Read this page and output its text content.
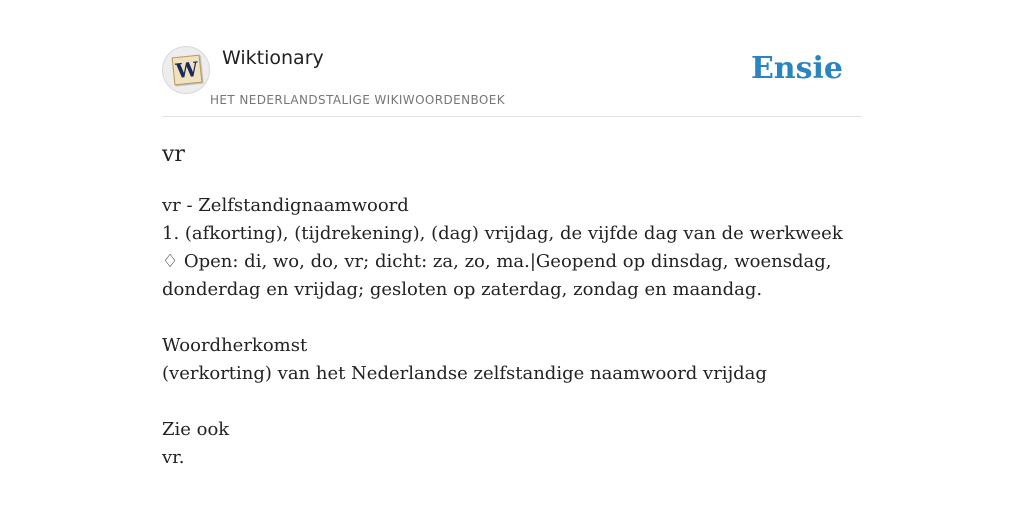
W Wiktionary
HET NEDERLANDSTALIGE WIKIWOORDENBOEK
Ensie
vr
vr - Zelfstandignaamwoord
1. (afkorting), (tijdrekening), (dag) vrijdag, de vijfde dag van de werkweek
♢ Open: di, wo, do, vr; dicht: za, zo, ma.|Geopend op dinsdag, woensdag,
donderdag en vrijdag; gesloten op zaterdag, zondag en maandag.
Woordherkomst
(verkorting) van het Nederlandse zelfstandige naamwoord vrijdag
Zie ook
vr.
